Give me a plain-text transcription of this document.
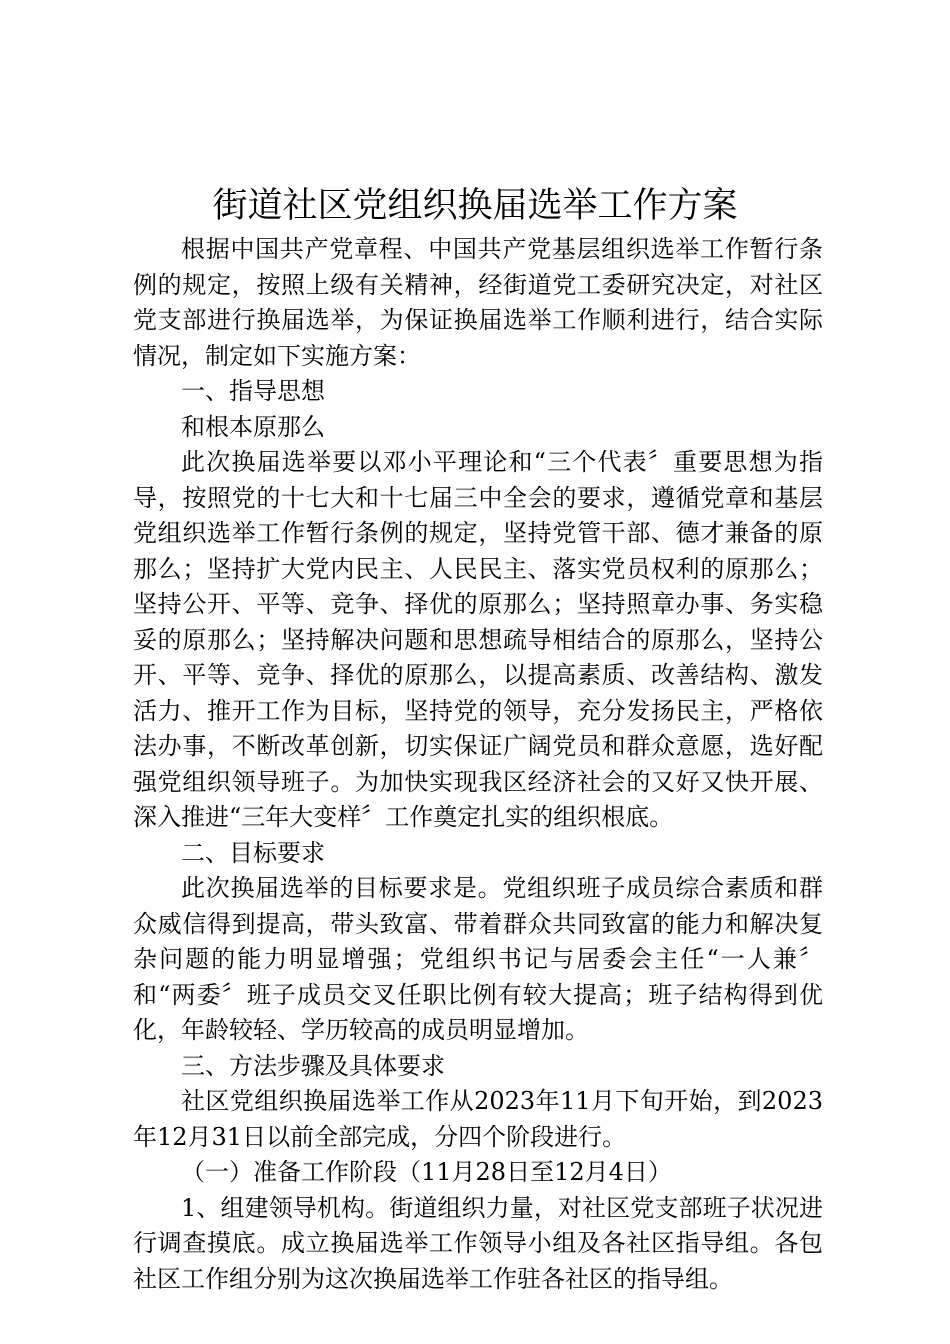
街道社区党组织换届选举工作方案

根据中国共产党章程、中国共产党基层组织选举工作暂行条例的规定，按照上级有关精神，经街道党工委研究决定，对社区党支部进行换届选举，为保证换届选举工作顺利进行，结合实际情况，制定如下实施方案：

一、指导思想

和根本原那么

此次换届选举要以邓小平理论和“三个代表〞重要思想为指导，按照党的十七大和十七届三中全会的要求，遵循党章和基层党组织选举工作暂行条例的规定，坚持党管干部、德才兼备的原那么；坚持扩大党内民主、人民民主、落实党员权利的原那么；坚持公开、平等、竞争、择优的原那么；坚持照章办事、务实稳妥的原那么；坚持解决问题和思想疏导相结合的原那么，坚持公开、平等、竞争、择优的原那么，以提高素质、改善结构、激发活力、推开工作为目标，坚持党的领导，充分发扬民主，严格依法办事，不断改革创新，切实保证广阔党员和群众意愿，选好配强党组织领导班子。为加快实现我区经济社会的又好又快开展、深入推进“三年大变样〞工作奠定扎实的组织根底。

二、目标要求

此次换届选举的目标要求是。党组织班子成员综合素质和群众威信得到提高，带头致富、带着群众共同致富的能力和解决复杂问题的能力明显增强；党组织书记与居委会主任“一人兼〞和“两委〞班子成员交叉任职比例有较大提高；班子结构得到优化，年龄较轻、学历较高的成员明显增加。

三、方法步骤及具体要求

社区党组织换届选举工作从2023年11月下旬开始，到2023年12月31日以前全部完成，分四个阶段进行。

（一）准备工作阶段（11月28日至12月4日）

1、组建领导机构。街道组织力量，对社区党支部班子状况进行调查摸底。成立换届选举工作领导小组及各社区指导组。各包社区工作组分别为这次换届选举工作驻各社区的指导组。
